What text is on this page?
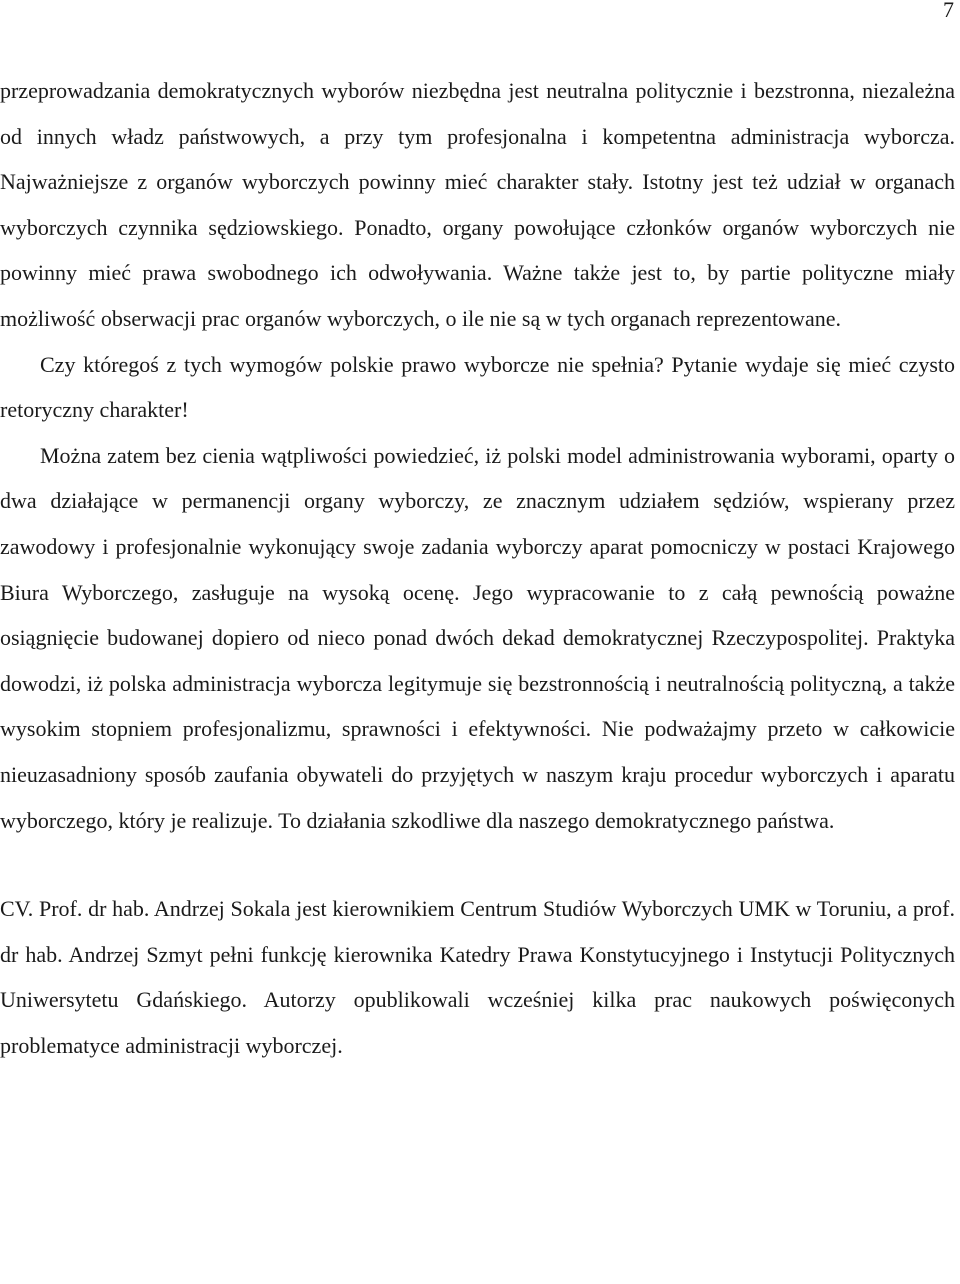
7

przeprowadzania demokratycznych wyborów niezbędna jest neutralna politycznie i bezstronna, niezależna od innych władz państwowych, a przy tym profesjonalna i kompetentna administracja wyborcza. Najważniejsze z organów wyborczych powinny mieć charakter stały. Istotny jest też udział w organach wyborczych czynnika sędziowskiego. Ponadto, organy powołujące członków organów wyborczych nie powinny mieć prawa swobodnego ich odwoływania. Ważne także jest to, by partie polityczne miały możliwość obserwacji prac organów wyborczych, o ile nie są w tych organach reprezentowane.

Czy któregoś z tych wymogów polskie prawo wyborcze nie spełnia? Pytanie wydaje się mieć czysto retoryczny charakter!

Można zatem bez cienia wątpliwości powiedzieć, iż polski model administrowania wyborami, oparty o dwa działające w permanencji organy wyborczy, ze znacznym udziałem sędziów, wspierany przez zawodowy i profesjonalnie wykonujący swoje zadania wyborczy aparat pomocniczy w postaci Krajowego Biura Wyborczego, zasługuje na wysoką ocenę. Jego wypracowanie to z całą pewnością poważne osiągnięcie budowanej dopiero od nieco ponad dwóch dekad demokratycznej Rzeczypospolitej. Praktyka dowodzi, iż polska administracja wyborcza legitymuje się bezstronnością i neutralnością polityczną, a także wysokim stopniem profesjonalizmu, sprawności i efektywności. Nie podważajmy przeto w całkowicie nieuzasadniony sposób zaufania obywateli do przyjętych w naszym kraju procedur wyborczych i aparatu wyborczego, który je realizuje. To działania szkodliwe dla naszego demokratycznego państwa.

CV. Prof. dr hab. Andrzej Sokala jest kierownikiem Centrum Studiów Wyborczych UMK w Toruniu, a prof. dr hab. Andrzej Szmyt pełni funkcję kierownika Katedry Prawa Konstytucyjnego i Instytucji Politycznych Uniwersytetu Gdańskiego. Autorzy opublikowali wcześniej kilka prac naukowych poświęconych problematyce administracji wyborczej.
